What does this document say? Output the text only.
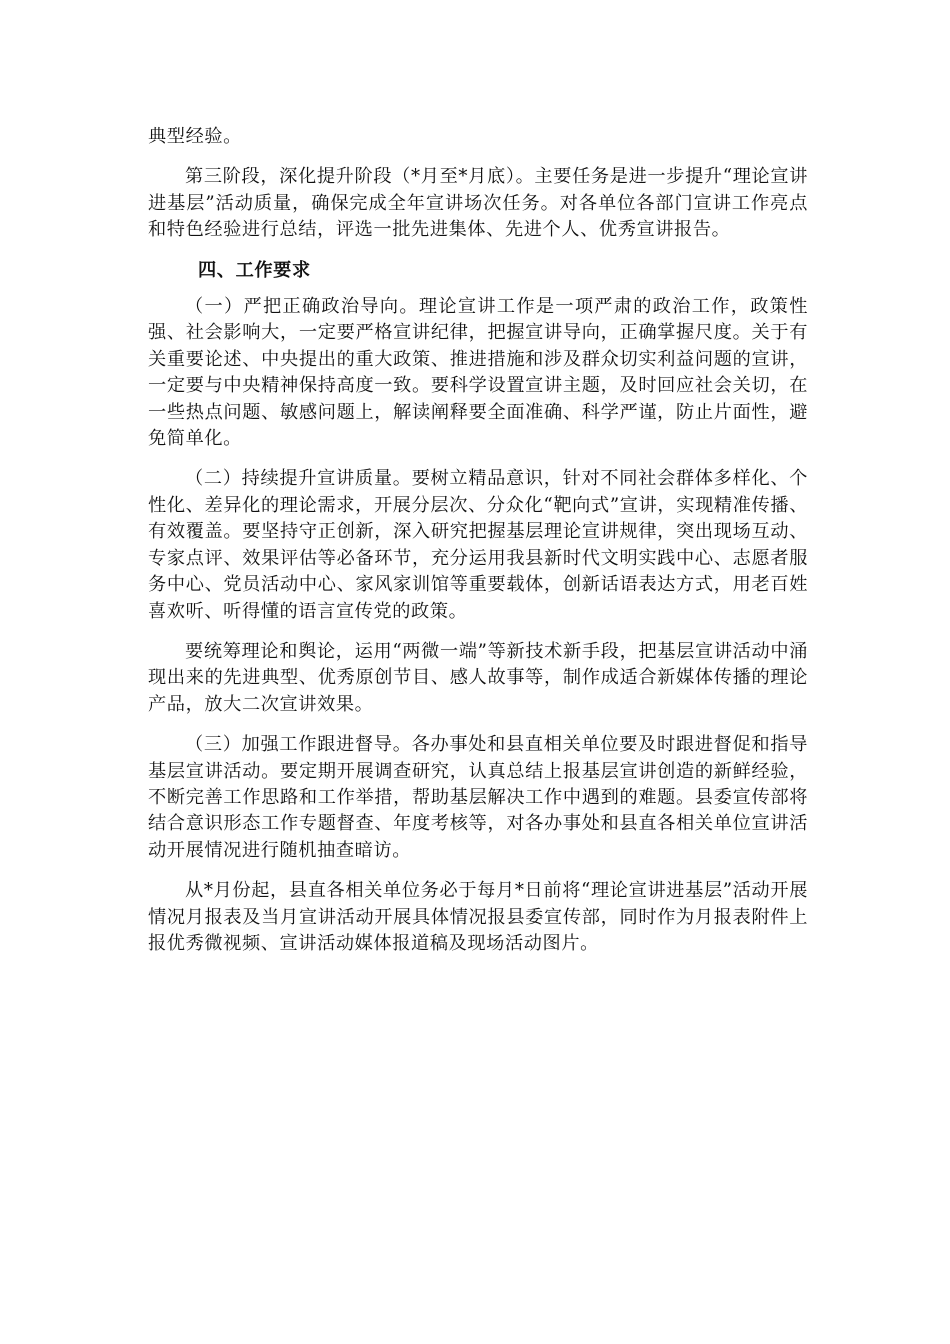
典型经验。

第三阶段，深化提升阶段（*月至*月底）。主要任务是进一步提升“理论宣讲进基层”活动质量，确保完成全年宣讲场次任务。对各单位各部门宣讲工作亮点和特色经验进行总结，评选一批先进集体、先进个人、优秀宣讲报告。

四、工作要求

（一）严把正确政治导向。理论宣讲工作是一项严肃的政治工作，政策性强、社会影响大，一定要严格宣讲纪律，把握宣讲导向，正确掌握尺度。关于有关重要论述、中央提出的重大政策、推进措施和涉及群众切实利益问题的宣讲，一定要与中央精神保持高度一致。要科学设置宣讲主题，及时回应社会关切，在一些热点问题、敏感问题上，解读阐释要全面准确、科学严谨，防止片面性，避免简单化。

（二）持续提升宣讲质量。要树立精品意识，针对不同社会群体多样化、个性化、差异化的理论需求，开展分层次、分众化“靶向式”宣讲，实现精准传播、有效覆盖。要坚持守正创新，深入研究把握基层理论宣讲规律，突出现场互动、专家点评、效果评估等必备环节，充分运用我县新时代文明实践中心、志愿者服务中心、党员活动中心、家风家训馆等重要载体，创新话语表达方式，用老百姓喜欢听、听得懂的语言宣传党的政策。

要统筹理论和舆论，运用“两微一端”等新技术新手段，把基层宣讲活动中涌现出来的先进典型、优秀原创节目、感人故事等，制作成适合新媒体传播的理论产品，放大二次宣讲效果。

（三）加强工作跟进督导。各办事处和县直相关单位要及时跟进督促和指导基层宣讲活动。要定期开展调查研究，认真总结上报基层宣讲创造的新鲜经验，不断完善工作思路和工作举措，帮助基层解决工作中遇到的难题。县委宣传部将结合意识形态工作专题督查、年度考核等，对各办事处和县直各相关单位宣讲活动开展情况进行随机抽查暗访。

从*月份起，县直各相关单位务必于每月*日前将“理论宣讲进基层”活动开展情况月报表及当月宣讲活动开展具体情况报县委宣传部，同时作为月报表附件上报优秀微视频、宣讲活动媒体报道稿及现场活动图片。
